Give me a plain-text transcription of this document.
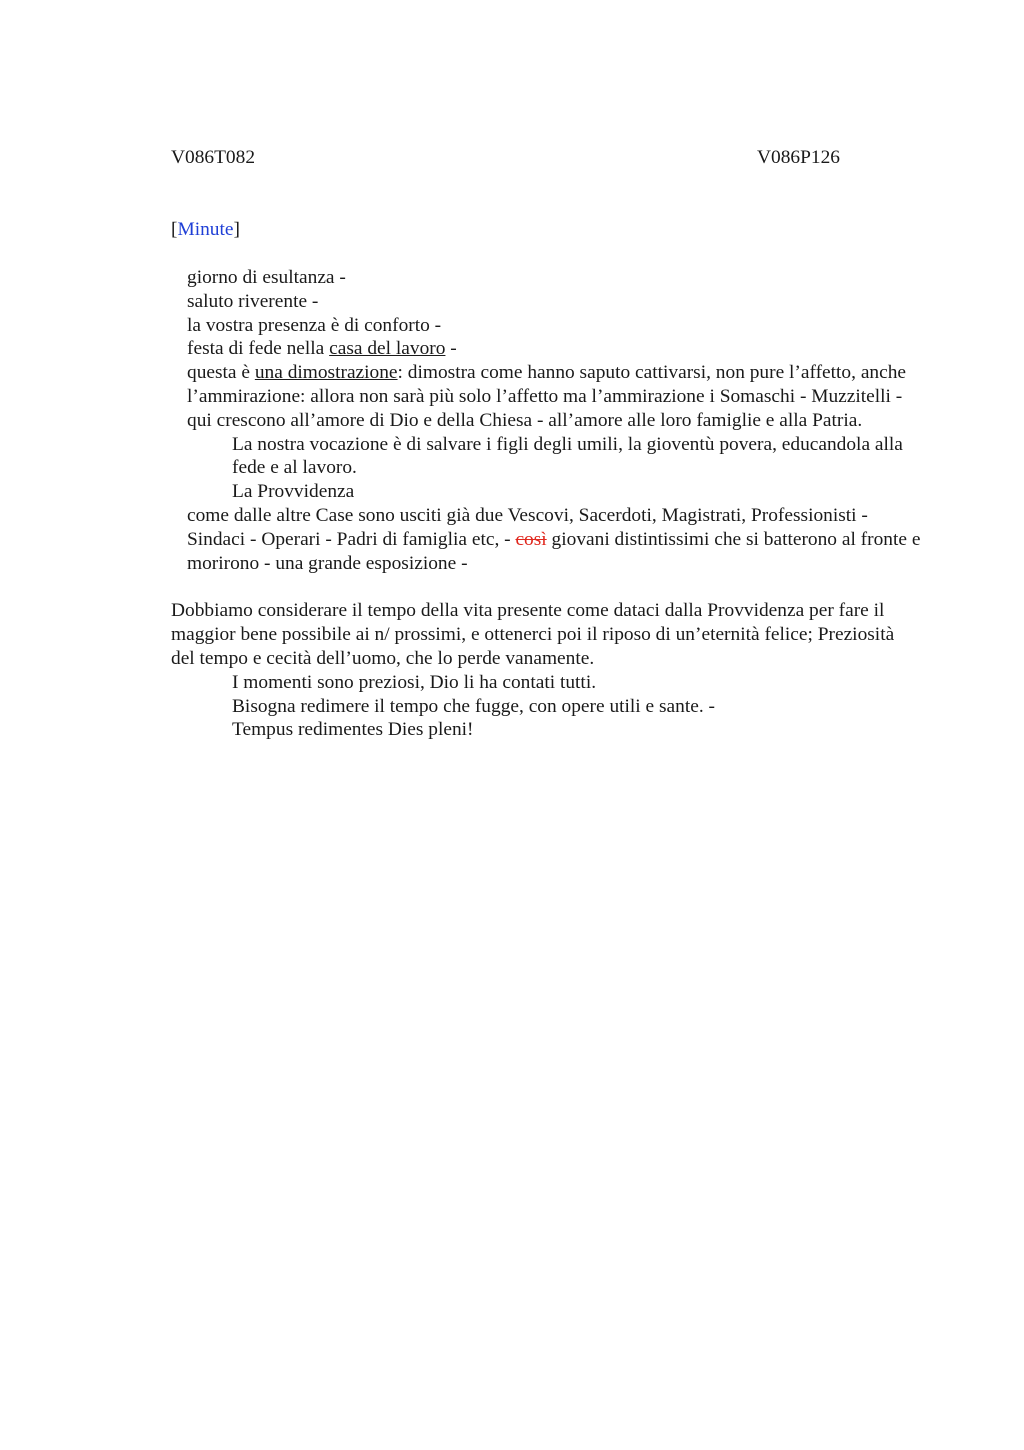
V086T082	V086P126
[Minute]

giorno di esultanza -

saluto riverente -

la vostra presenza è di conforto -

festa di fede nella casa del lavoro -

questa è una dimostrazione: dimostra come hanno saputo cattivarsi, non pure l’affetto, anche l’ammirazione: allora non sarà più solo l’affetto ma l’ammirazione i Somaschi - Muzzitelli - qui crescono all’amore di Dio e della Chiesa - all’amore alle loro famiglie e alla Patria.

La nostra vocazione è di salvare i figli degli umili, la gioventù povera, educandola alla fede e al lavoro.

La Provvidenza

come dalle altre Case sono usciti già due Vescovi, Sacerdoti, Magistrati, Professionisti - Sindaci - Operari - Padri di famiglia etc, - così giovani distintissimi che si batterono al fronte e morirono - una grande esposizione -

Dobbiamo considerare il tempo della vita presente come dataci dalla Provvidenza per fare il maggior bene possibile ai n/ prossimi, e ottenerci poi il riposo di un’eternità felice; Preziosità del tempo e cecità dell’uomo, che lo perde vanamente.

I momenti sono preziosi, Dio li ha contati tutti.

Bisogna redimere il tempo che fugge, con opere utili e sante. -

Tempus redimentes Dies pleni!
